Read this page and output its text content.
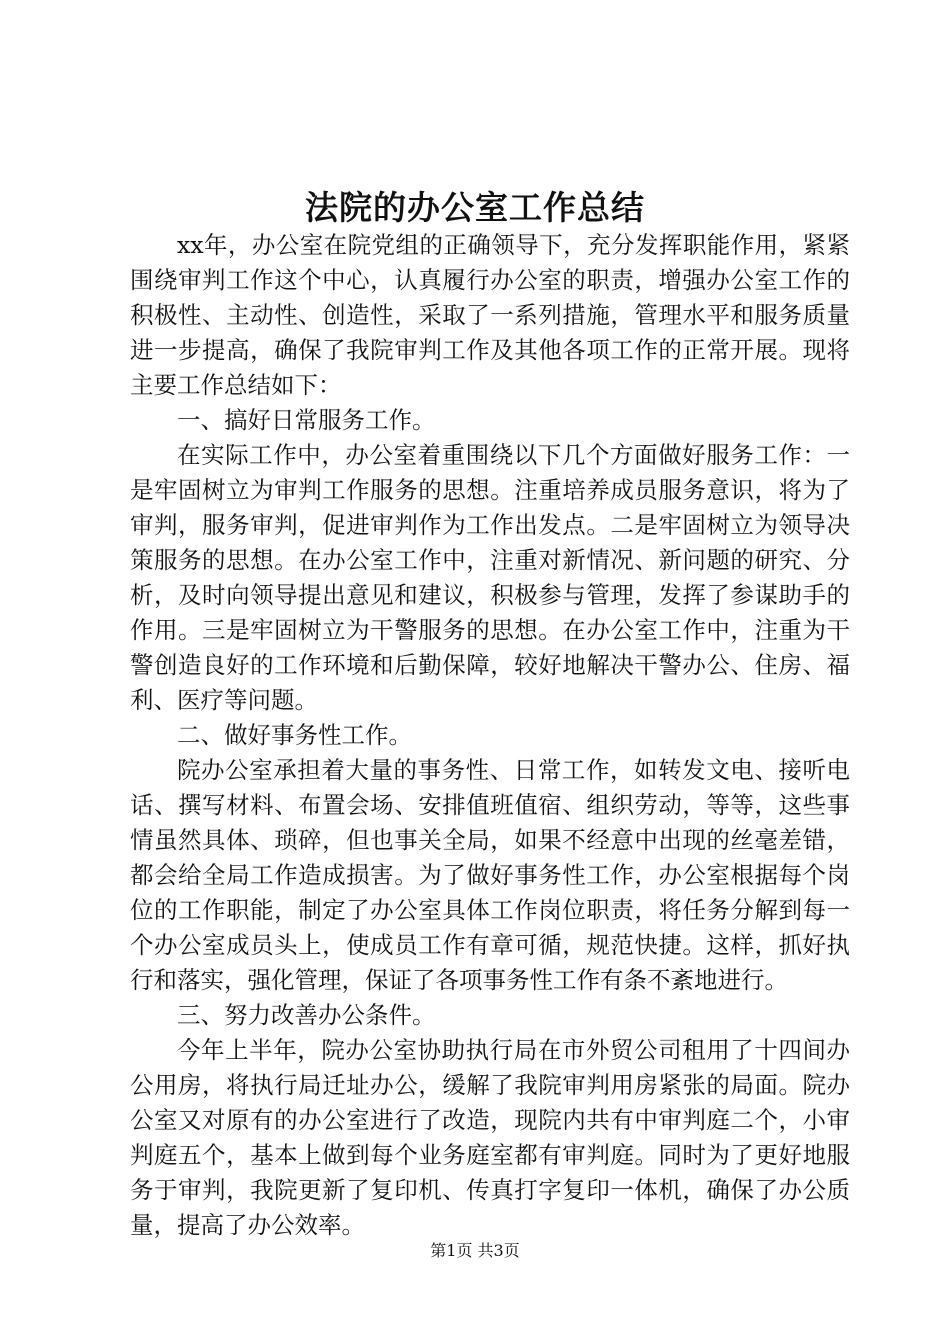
法院的办公室工作总结

xx年，办公室在院党组的正确领导下，充分发挥职能作用，紧紧围绕审判工作这个中心，认真履行办公室的职责，增强办公室工作的积极性、主动性、创造性，采取了一系列措施，管理水平和服务质量进一步提高，确保了我院审判工作及其他各项工作的正常开展。现将主要工作总结如下：

一、搞好日常服务工作。

在实际工作中，办公室着重围绕以下几个方面做好服务工作：一是牢固树立为审判工作服务的思想。注重培养成员服务意识，将为了审判，服务审判，促进审判作为工作出发点。二是牢固树立为领导决策服务的思想。在办公室工作中，注重对新情况、新问题的研究、分析，及时向领导提出意见和建议，积极参与管理，发挥了参谋助手的作用。三是牢固树立为干警服务的思想。在办公室工作中，注重为干警创造良好的工作环境和后勤保障，较好地解决干警办公、住房、福利、医疗等问题。

二、做好事务性工作。

院办公室承担着大量的事务性、日常工作，如转发文电、接听电话、撰写材料、布置会场、安排值班值宿、组织劳动，等等，这些事情虽然具体、琐碎，但也事关全局，如果不经意中出现的丝毫差错，都会给全局工作造成损害。为了做好事务性工作，办公室根据每个岗位的工作职能，制定了办公室具体工作岗位职责，将任务分解到每一个办公室成员头上，使成员工作有章可循，规范快捷。这样，抓好执行和落实，强化管理，保证了各项事务性工作有条不紊地进行。

三、努力改善办公条件。

今年上半年，院办公室协助执行局在市外贸公司租用了十四间办公用房，将执行局迁址办公，缓解了我院审判用房紧张的局面。院办公室又对原有的办公室进行了改造，现院内共有中审判庭二个，小审判庭五个，基本上做到每个业务庭室都有审判庭。同时为了更好地服务于审判，我院更新了复印机、传真打字复印一体机，确保了办公质量，提高了办公效率。

第1页 共3页
